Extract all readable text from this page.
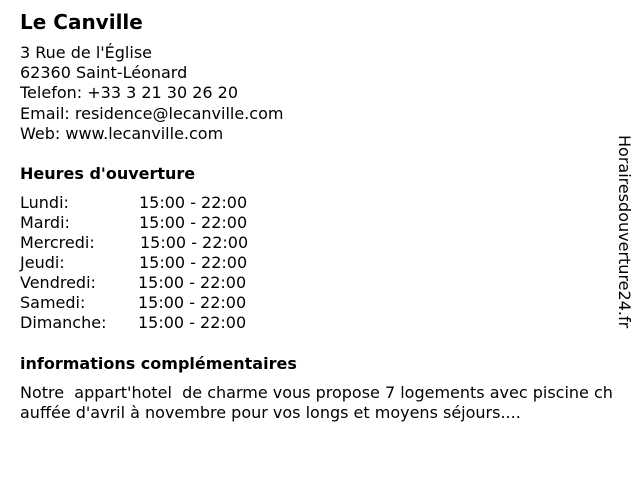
Le Canville
3 Rue de l'Église
62360 Saint-Léonard
Telefon: +33 3 21 30 26 20
Email: residence@lecanville.com
Web: www.lecanville.com
Heures d'ouverture
Lundi:	15:00 - 22:00
Mardi:	15:00 - 22:00
Mercredi:	15:00 - 22:00
Jeudi:	15:00 - 22:00
Vendredi:	15:00 - 22:00
Samedi:	15:00 - 22:00
Dimanche: 15:00 - 22:00
informations complémentaires
Notre  appart'hotel  de charme vous propose 7 logements avec piscine chauffée d'avril à novembre pour vos longs et moyens séjours....
Horairesdouverture24.fr
